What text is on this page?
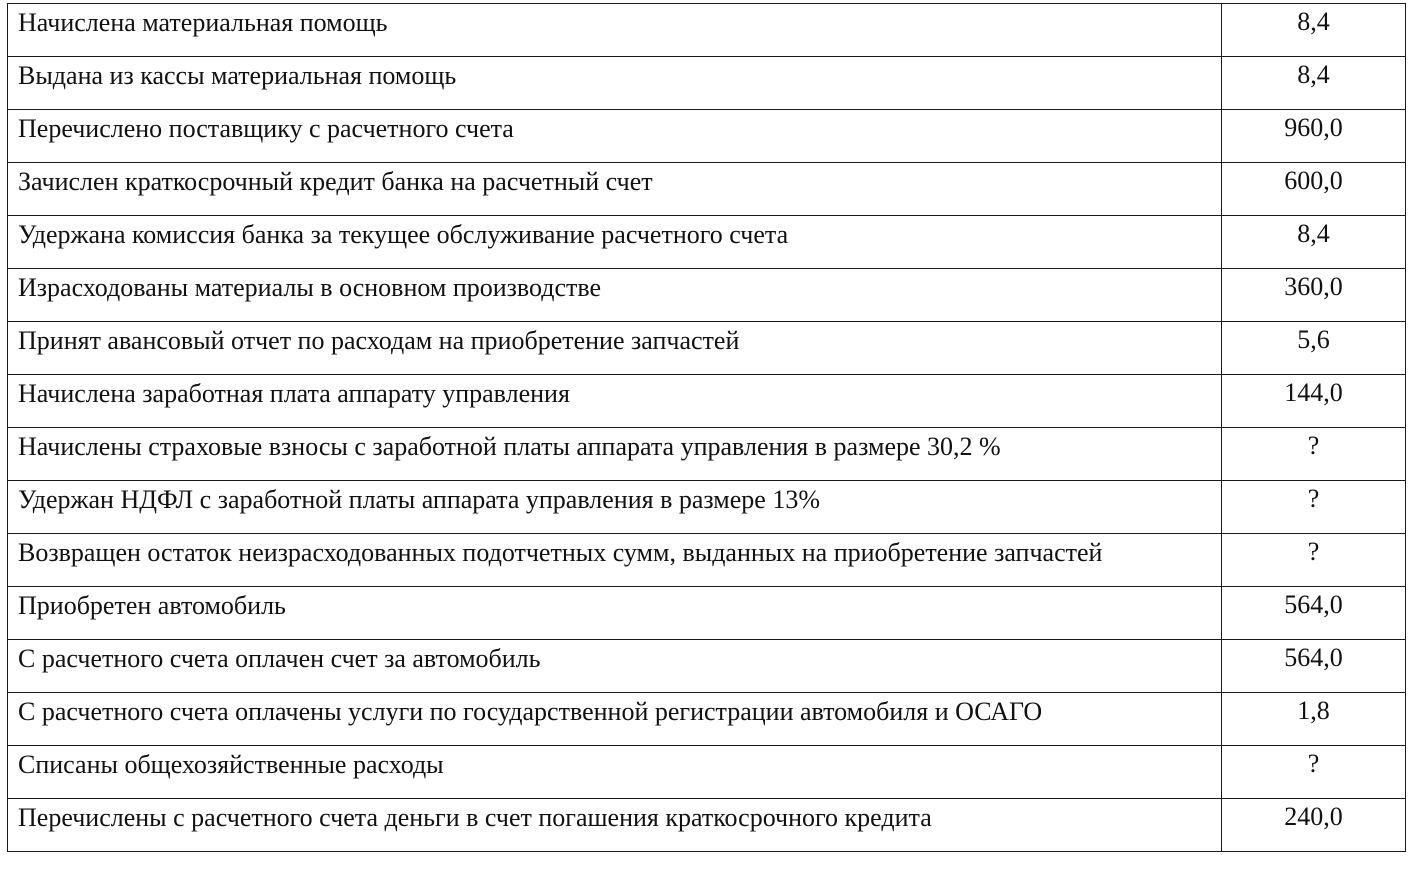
Начислена материальная помощь	8,4
Выдана из кассы материальная помощь	8,4
Перечислено поставщику с расчетного счета	960,0
Зачислен краткосрочный кредит банка на расчетный счет	600,0
Удержана комиссия банка за текущее обслуживание расчетного счета	8,4
Израсходованы материалы в основном производстве	360,0
Принят авансовый отчет по расходам на приобретение запчастей	5,6
Начислена заработная плата аппарату управления	144,0
Начислены страховые взносы с заработной платы аппарата управления в размере 30,2 %	?
Удержан НДФЛ с заработной платы аппарата управления в размере 13%	?
Возвращен остаток неизрасходованных подотчетных сумм, выданных на приобретение запчастей	?
Приобретен автомобиль	564,0
С расчетного счета оплачен счет за автомобиль	564,0
С расчетного счета оплачены услуги по государственной регистрации автомобиля и ОСАГО	1,8
Списаны общехозяйственные расходы	?
Перечислены с расчетного счета деньги в счет погашения краткосрочного кредита	240,0
